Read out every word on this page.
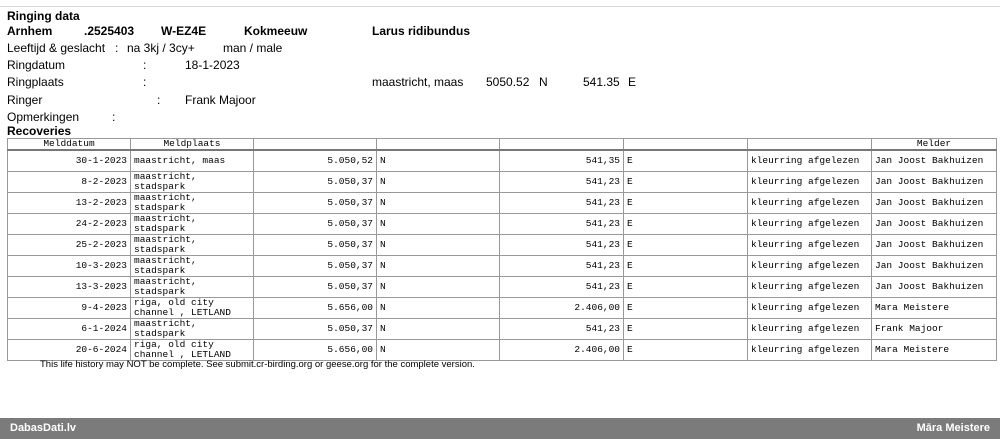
Ringing data
Arnhem	.2525403 W-EZ4E	Kokmeeuw	Larus ridibundus
Leeftijd & geslacht : na 3kj / 3cy+ man / male
Ringdatum	:	18-1-2023
Ringplaats	:	maastricht, maas 5050.52 N	541.35 E
Ringer	: Frank Majoor
Opmerkingen	:
Recoveries
Melddatum	Meldplaats						Melder
30-1-2023	maastricht, maas	5.050,52	N	541,35	E	kleurring afgelezen	Jan Joost Bakhuizen
8-2-2023	maastricht, stadspark	5.050,37	N	541,23	E	kleurring afgelezen	Jan Joost Bakhuizen
13-2-2023	maastricht, stadspark	5.050,37	N	541,23	E	kleurring afgelezen	Jan Joost Bakhuizen
24-2-2023	maastricht, stadspark	5.050,37	N	541,23	E	kleurring afgelezen	Jan Joost Bakhuizen
25-2-2023	maastricht, stadspark	5.050,37	N	541,23	E	kleurring afgelezen	Jan Joost Bakhuizen
10-3-2023	maastricht, stadspark	5.050,37	N	541,23	E	kleurring afgelezen	Jan Joost Bakhuizen
13-3-2023	maastricht, stadspark	5.050,37	N	541,23	E	kleurring afgelezen	Jan Joost Bakhuizen
9-4-2023	riga, old city channel , LETLAND	5.656,00	N	2.406,00	E	kleurring afgelezen	Mara Meistere
6-1-2024	maastricht, stadspark	5.050,37	N	541,23	E	kleurring afgelezen	Frank Majoor
20-6-2024	riga, old city channel , LETLAND	5.656,00	N	2.406,00	E	kleurring afgelezen	Mara Meistere
This life history may NOT be complete. See submit.cr-birding.org or geese.org for the complete version.
DabasDati.lv	Māra Meistere
